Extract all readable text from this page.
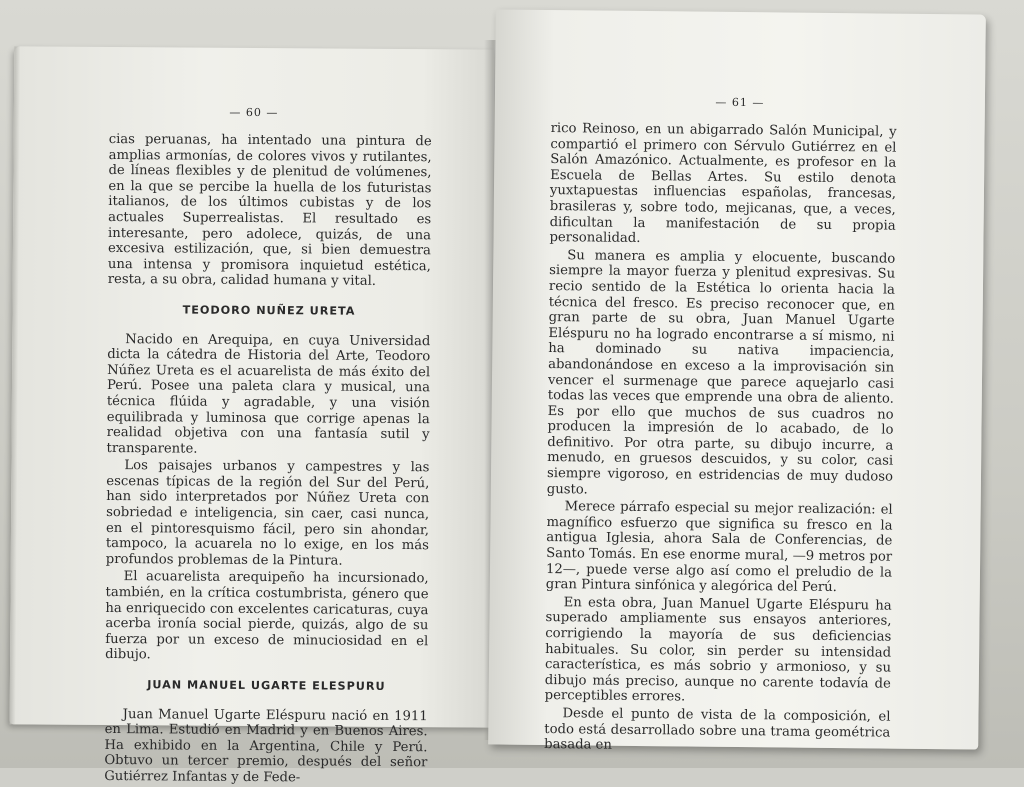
— 60 —

cias peruanas, ha intentado una pintura de amplias armonías, de colores vivos y rutilantes, de líneas flexibles y de plenitud de volúmenes, en la que se percibe la huella de los futuristas italianos, de los últimos cubistas y de los actuales Superrealistas. El resultado es interesante, pero adolece, quizás, de una excesiva estilización, que, si bien demuestra una intensa y promisora inquietud estética, resta, a su obra, calidad humana y vital.

TEODORO NUÑEZ URETA

Nacido en Arequipa, en cuya Universidad dicta la cátedra de Historia del Arte, Teodoro Núñez Ureta es el acuarelista de más éxito del Perú. Posee una paleta clara y musical, una técnica flúida y agradable, y una visión equilibrada y luminosa que corrige apenas la realidad objetiva con una fantasía sutil y transparente.

Los paisajes urbanos y campestres y las escenas típicas de la región del Sur del Perú, han sido interpretados por Núñez Ureta con sobriedad e inteligencia, sin caer, casi nunca, en el pintoresquismo fácil, pero sin ahondar, tampoco, la acuarela no lo exige, en los más profundos problemas de la Pintura.

El acuarelista arequipeño ha incursionado, también, en la crítica costumbrista, género que ha enriquecido con excelentes caricaturas, cuya acerba ironía social pierde, quizás, algo de su fuerza por un exceso de minuciosidad en el dibujo.

JUAN MANUEL UGARTE ELESPURU

Juan Manuel Ugarte Eléspuru nació en 1911 en Lima. Estudió en Madrid y en Buenos Aires. Ha exhibido en la Argentina, Chile y Perú. Obtuvo un tercer premio, después del señor Gutiérrez Infantas y de Fede-

— 61 —

rico Reinoso, en un abigarrado Salón Municipal, y compartió el primero con Sérvulo Gutiérrez en el Salón Amazónico. Actualmente, es profesor en la Escuela de Bellas Artes. Su estilo denota yuxtapuestas influencias españolas, francesas, brasileras y, sobre todo, mejicanas, que, a veces, dificultan la manifestación de su propia personalidad.

Su manera es amplia y elocuente, buscando siempre la mayor fuerza y plenitud expresivas. Su recio sentido de la Estética lo orienta hacia la técnica del fresco. Es preciso reconocer que, en gran parte de su obra, Juan Manuel Ugarte Eléspuru no ha logrado encontrarse a sí mismo, ni ha dominado su nativa impaciencia, abandonándose en exceso a la improvisación sin vencer el surmenage que parece aquejarlo casi todas las veces que emprende una obra de aliento. Es por ello que muchos de sus cuadros no producen la impresión de lo acabado, de lo definitivo. Por otra parte, su dibujo incurre, a menudo, en gruesos descuidos, y su color, casi siempre vigoroso, en estridencias de muy dudoso gusto.

Merece párrafo especial su mejor realización: el magnífico esfuerzo que significa su fresco en la antigua Iglesia, ahora Sala de Conferencias, de Santo Tomás. En ese enorme mural, —9 metros por 12—, puede verse algo así como el preludio de la gran Pintura sinfónica y alegórica del Perú.

En esta obra, Juan Manuel Ugarte Eléspuru ha superado ampliamente sus ensayos anteriores, corrigiendo la mayoría de sus deficiencias habituales. Su color, sin perder su intensidad característica, es más sobrio y armonioso, y su dibujo más preciso, aunque no carente todavía de perceptibles errores.

Desde el punto de vista de la composición, el todo está desarrollado sobre una trama geométrica basada en
